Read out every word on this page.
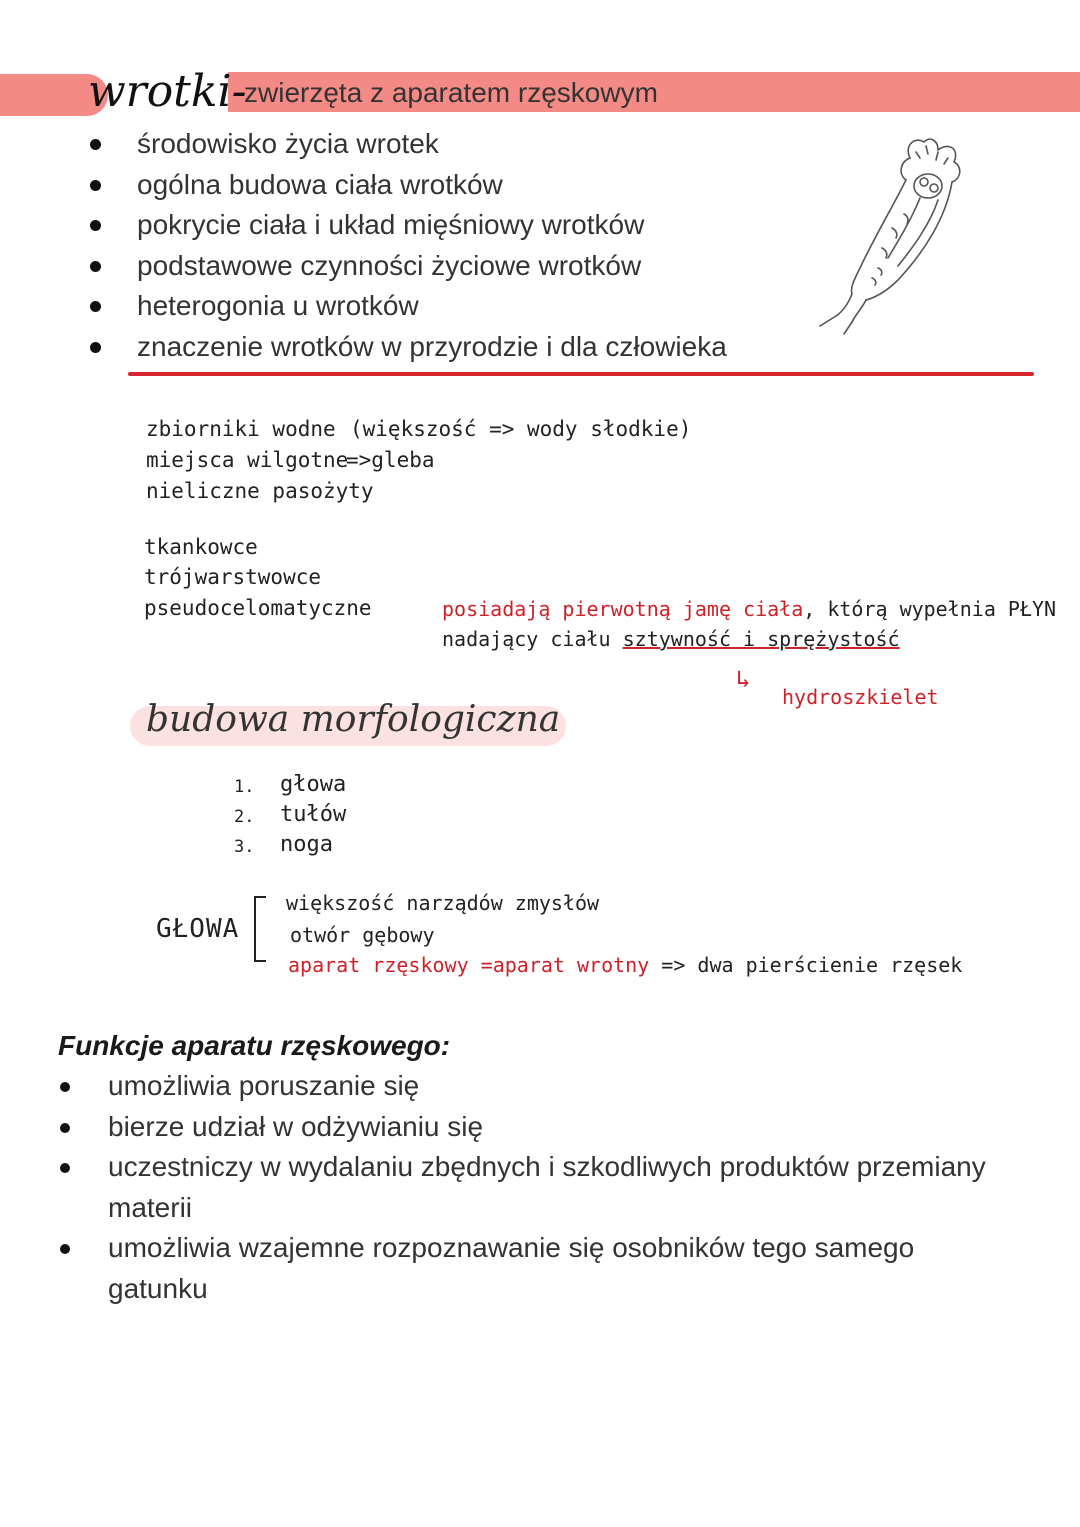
wrotki-
zwierzęta z aparatem rzęskowym
środowisko życia wrotek
ogólna budowa ciała wrotków
pokrycie ciała i układ mięśniowy wrotków
podstawowe czynności życiowe wrotków
heterogonia u wrotków
znaczenie wrotków w przyrodzie i dla człowieka
zbiorniki wodne (większość => wody słodkie)
miejsca wilgotne
=>gleba
nieliczne pasożyty
tkankowce
trójwarstwowce
pseudocelomatyczne	posiadają pierwotną jamę ciała, którą wypełnia PŁYN
nadający ciału sztywność i sprężystość
↳
hydroszkielet
budowa morfologiczna
1. głowa
2. tułów
3. noga
GŁOWA
większość narządów zmysłów
otwór gębowy
aparat rzęskowy =aparat wrotny => dwa pierścienie rzęsek
Funkcje aparatu rzęskowego:
umożliwia poruszanie się
bierze udział w odżywianiu się
uczestniczy w wydalaniu zbędnych i szkodliwych produktów przemiany materii
umożliwia wzajemne rozpoznawanie się osobników tego samego gatunku
